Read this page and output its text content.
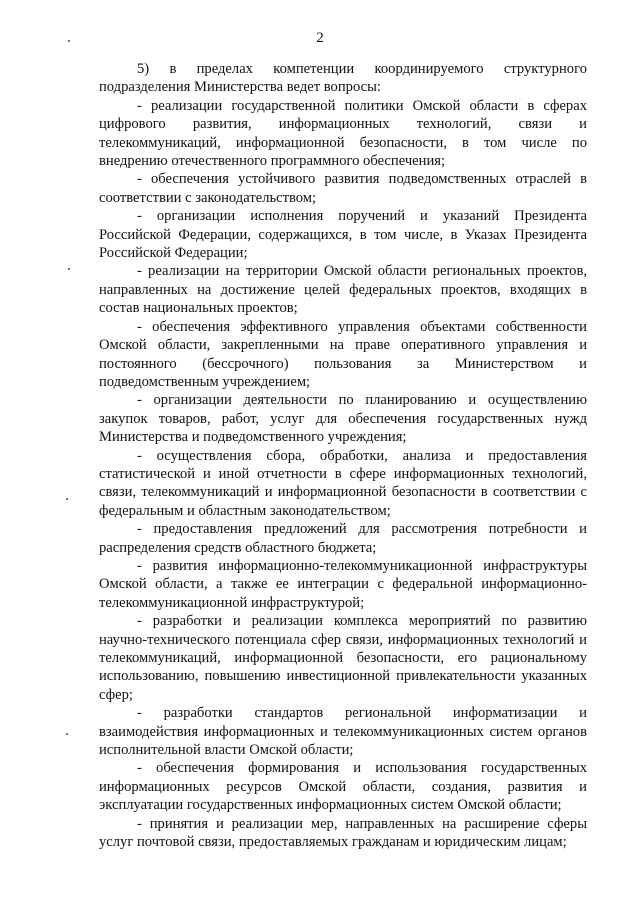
2

5) в пределах компетенции координируемого структурного подразделения Министерства ведет вопросы:

- реализации государственной политики Омской области в сферах цифрового развития, информационных технологий, связи и телекоммуникаций, информационной безопасности, в том числе по внедрению отечественного программного обеспечения;

- обеспечения устойчивого развития подведомственных отраслей в соответствии с законодательством;

- организации исполнения поручений и указаний Президента Российской Федерации, содержащихся, в том числе, в Указах Президента Российской Федерации;

- реализации на территории Омской области региональных проектов, направленных на достижение целей федеральных проектов, входящих в состав национальных проектов;

- обеспечения эффективного управления объектами собственности Омской области, закрепленными на праве оперативного управления и постоянного (бессрочного) пользования за Министерством и подведомственным учреждением;

- организации деятельности по планированию и осуществлению закупок товаров, работ, услуг для обеспечения государственных нужд Министерства и подведомственного учреждения;

- осуществления сбора, обработки, анализа и предоставления статистической и иной отчетности в сфере информационных технологий, связи, телекоммуникаций и информационной безопасности в соответствии с федеральным и областным законодательством;

- предоставления предложений для рассмотрения потребности и распределения средств областного бюджета;

- развития информационно-телекоммуникационной инфраструктуры Омской области, а также ее интеграции с федеральной информационно-телекоммуникационной инфраструктурой;

- разработки и реализации комплекса мероприятий по развитию научно-технического потенциала сфер связи, информационных технологий и телекоммуникаций, информационной безопасности, его рациональному использованию, повышению инвестиционной привлекательности указанных сфер;

- разработки стандартов региональной информатизации и взаимодействия информационных и телекоммуникационных систем органов исполнительной власти Омской области;

- обеспечения формирования и использования государственных информационных ресурсов Омской области, создания, развития и эксплуатации государственных информационных систем Омской области;

- принятия и реализации мер, направленных на расширение сферы услуг почтовой связи, предоставляемых гражданам и юридическим лицам;
